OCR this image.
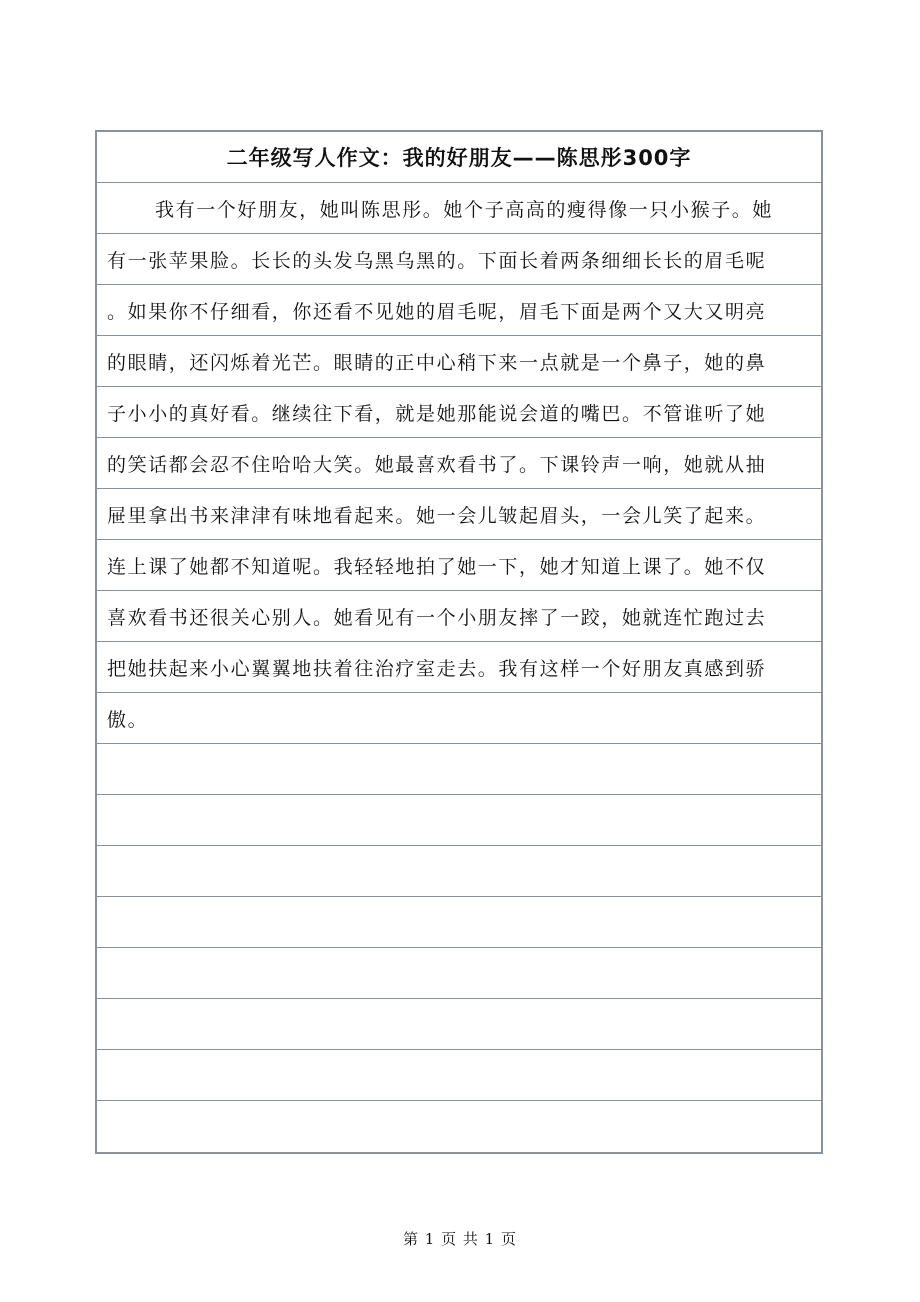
二年级写人作文：我的好朋友——陈思彤300字
我有一个好朋友，她叫陈思彤。她个子高高的瘦得像一只小猴子。她
有一张苹果脸。长长的头发乌黑乌黑的。下面长着两条细细长长的眉毛呢
。如果你不仔细看，你还看不见她的眉毛呢，眉毛下面是两个又大又明亮
的眼睛，还闪烁着光芒。眼睛的正中心稍下来一点就是一个鼻子，她的鼻
子小小的真好看。继续往下看，就是她那能说会道的嘴巴。不管谁听了她
的笑话都会忍不住哈哈大笑。她最喜欢看书了。下课铃声一响，她就从抽
屉里拿出书来津津有味地看起来。她一会儿皱起眉头，一会儿笑了起来。
连上课了她都不知道呢。我轻轻地拍了她一下，她才知道上课了。她不仅
喜欢看书还很关心别人。她看见有一个小朋友摔了一跤，她就连忙跑过去
把她扶起来小心翼翼地扶着往治疗室走去。我有这样一个好朋友真感到骄
傲。
第 1 页 共 1 页
